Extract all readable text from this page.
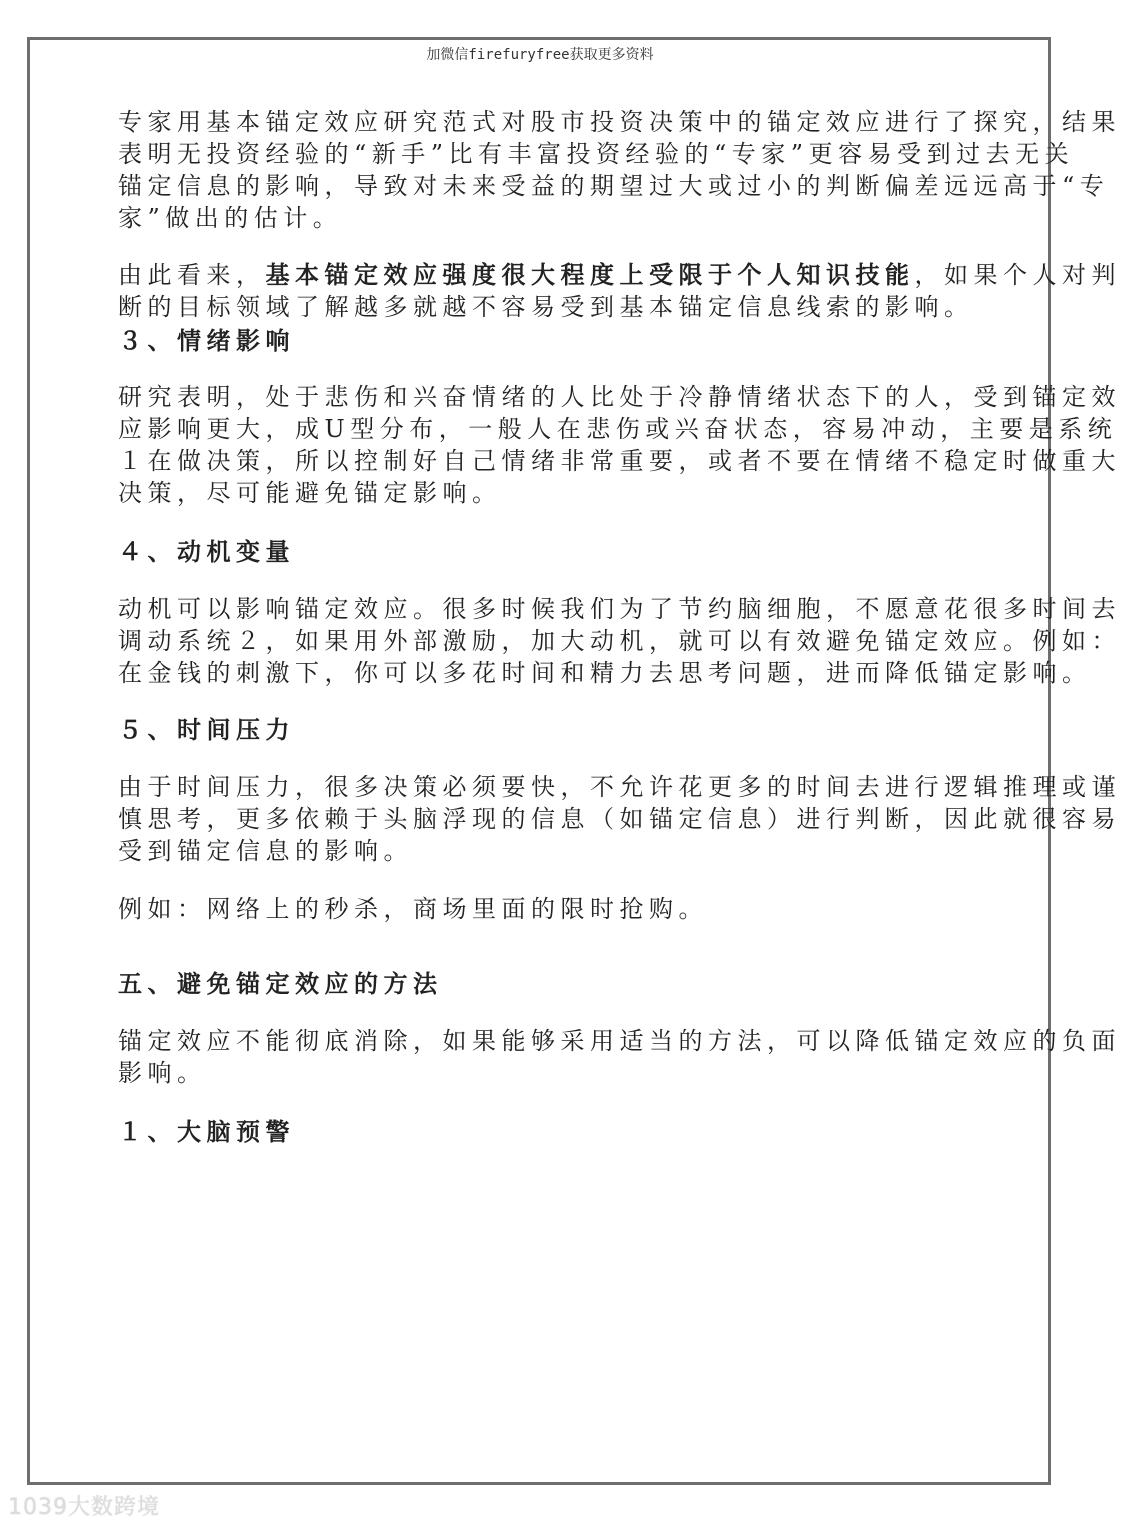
加微信firefuryfree获取更多资料
专家用基本锚定效应研究范式对股市投资决策中的锚定效应进行了探究，结果
表明无投资经验的“新手”比有丰富投资经验的“专家”更容易受到过去无关
锚定信息的影响，导致对未来受益的期望过大或过小的判断偏差远远高于“专
家”做出的估计。
由此看来，基本锚定效应强度很大程度上受限于个人知识技能，如果个人对判
断的目标领域了解越多就越不容易受到基本锚定信息线索的影响。
３、情绪影响
研究表明，处于悲伤和兴奋情绪的人比处于冷静情绪状态下的人，受到锚定效
应影响更大，成U型分布，一般人在悲伤或兴奋状态，容易冲动，主要是系统
１在做决策，所以控制好自己情绪非常重要，或者不要在情绪不稳定时做重大
决策，尽可能避免锚定影响。
４、动机变量
动机可以影响锚定效应。很多时候我们为了节约脑细胞，不愿意花很多时间去
调动系统２，如果用外部激励，加大动机，就可以有效避免锚定效应。例如：
在金钱的刺激下，你可以多花时间和精力去思考问题，进而降低锚定影响。
５、时间压力
由于时间压力，很多决策必须要快，不允许花更多的时间去进行逻辑推理或谨
慎思考，更多依赖于头脑浮现的信息（如锚定信息）进行判断，因此就很容易
受到锚定信息的影响。
例如：网络上的秒杀，商场里面的限时抢购。
五、避免锚定效应的方法
锚定效应不能彻底消除，如果能够采用适当的方法，可以降低锚定效应的负面
影响。
１、大脑预警
1039大数跨境
